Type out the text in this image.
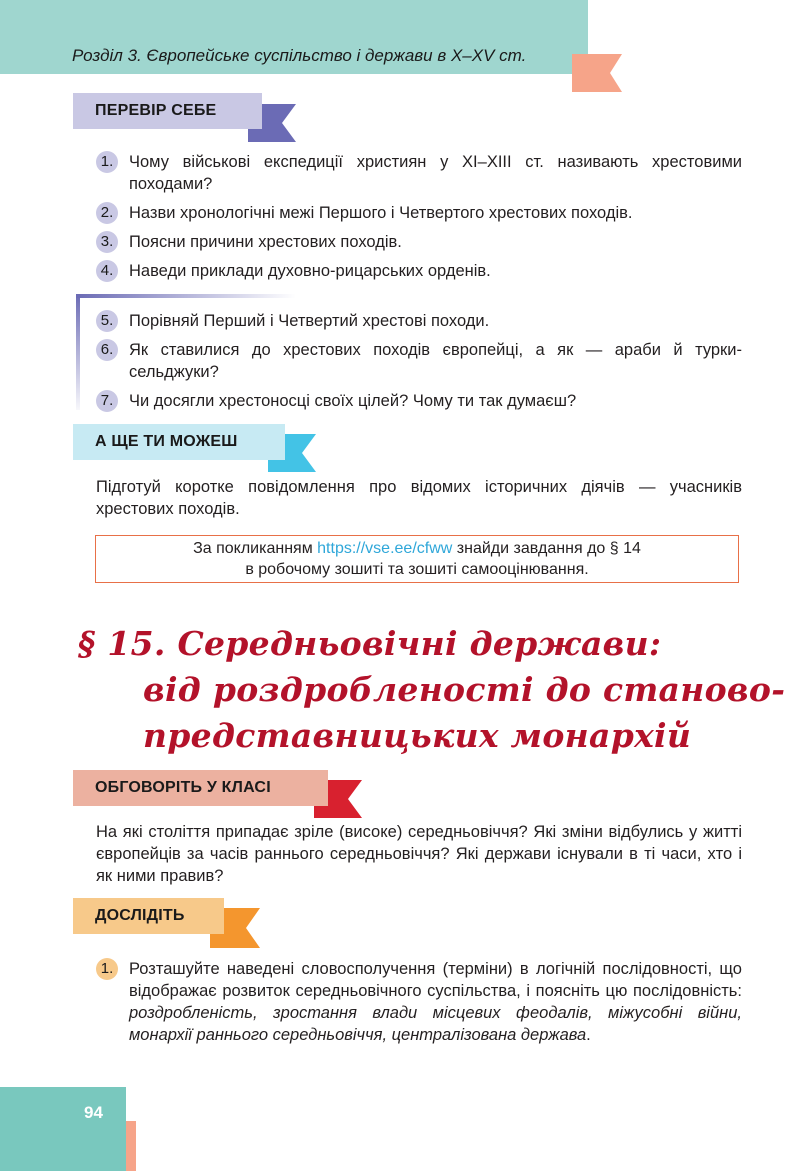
Розділ 3. Європейське суспільство і держави в Х–ХV ст.
ПЕРЕВІР СЕБЕ
1. Чому військові експедиції християн у ХІ–ХІІІ ст. називають хрестовими походами?
2. Назви хронологічні межі Першого і Четвертого хрестових походів.
3. Поясни причини хрестових походів.
4. Наведи приклади духовно-рицарських орденів.
5. Порівняй Перший і Четвертий хрестові походи.
6. Як ставилися до хрестових походів європейці, а як — араби й турки-сельджуки?
7. Чи досягли хрестоносці своїх цілей? Чому ти так думаєш?
А ЩЕ ТИ МОЖЕШ
Підготуй коротке повідомлення про відомих історичних діячів — учасників хрестових походів.
За покликанням https://vse.ee/cfww знайди завдання до § 14
в робочому зошиті та зошиті самооцінювання.
§ 15. Середньовічні держави:
від роздробленості до станово-
представницьких монархій
ОБГОВОРІТЬ У КЛАСІ
На які століття припадає зріле (високе) середньовіччя? Які зміни відбулись у житті європейців за часів раннього середньовіччя? Які держави існували в ті часи, хто і як ними правив?
ДОСЛІДІТЬ
1. Розташуйте наведені словосполучення (терміни) в логічній послідовності, що відображає розвиток середньовічного суспільства, і поясніть цю послідовність: роздробленість, зростання влади місцевих феодалів, міжусобні війни, монархії раннього середньовіччя, централізована держава.
94
